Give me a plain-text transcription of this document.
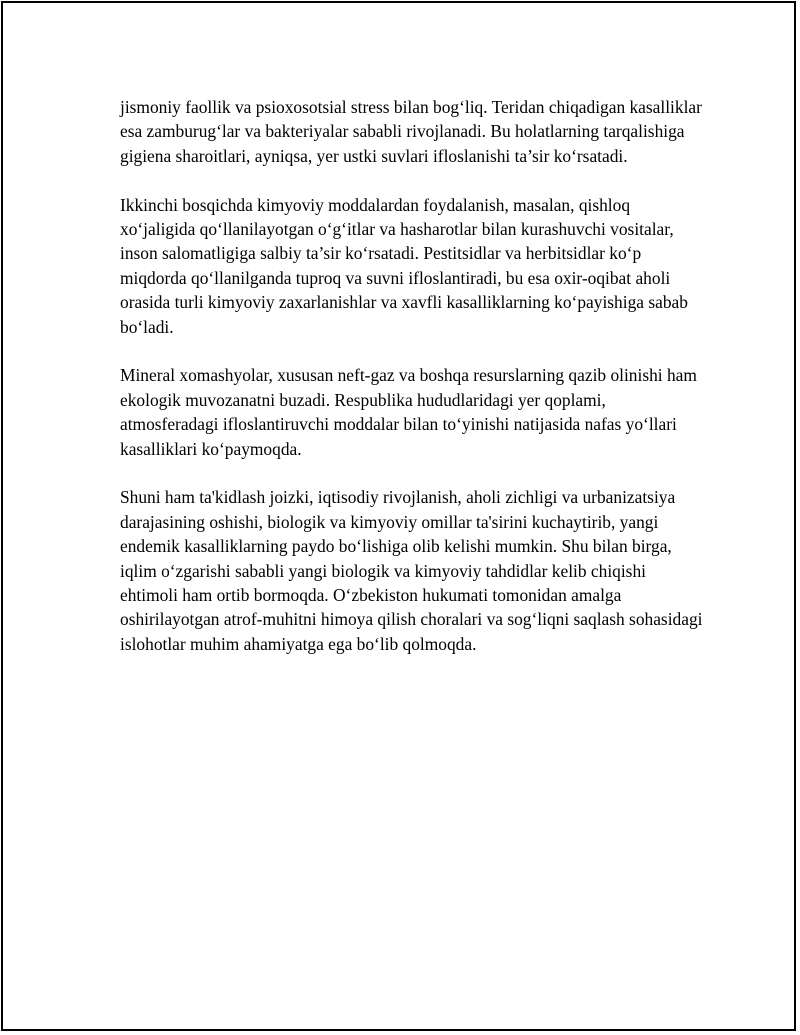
jismoniy faollik va psioxosotsial stress bilan bog‘liq. Teridan chiqadigan kasalliklar esa zamburug‘lar va bakteriyalar sababli rivojlanadi. Bu holatlarning tarqalishiga gigiena sharoitlari, ayniqsa, yer ustki suvlari ifloslanishi ta’sir ko‘rsatadi.

Ikkinchi bosqichda kimyoviy moddalardan foydalanish, masalan, qishloq xo‘jaligida qo‘llanilayotgan o‘g‘itlar va hasharotlar bilan kurashuvchi vositalar, inson salomatligiga salbiy ta’sir ko‘rsatadi. Pestitsidlar va herbitsidlar ko‘p miqdorda qo‘llanilganda tuproq va suvni ifloslantiradi, bu esa oxir-oqibat aholi orasida turli kimyoviy zaxarlanishlar va xavfli kasalliklarning ko‘payishiga sabab bo‘ladi.

Mineral xomashyolar, xususan neft-gaz va boshqa resurslarning qazib olinishi ham ekologik muvozanatni buzadi. Respublika hududlaridagi yer qoplami, atmosferadagi ifloslantiruvchi moddalar bilan to‘yinishi natijasida nafas yo‘llari kasalliklari ko‘paymoqda.

Shuni ham ta'kidlash joizki, iqtisodiy rivojlanish, aholi zichligi va urbanizatsiya darajasining oshishi, biologik va kimyoviy omillar ta'sirini kuchaytirib, yangi endemik kasalliklarning paydo bo‘lishiga olib kelishi mumkin. Shu bilan birga, iqlim o‘zgarishi sababli yangi biologik va kimyoviy tahdidlar kelib chiqishi ehtimoli ham ortib bormoqda. O‘zbekiston hukumati tomonidan amalga oshirilayotgan atrof-muhitni himoya qilish choralari va sog‘liqni saqlash sohasidagi islohotlar muhim ahamiyatga ega bo‘lib qolmoqda.
